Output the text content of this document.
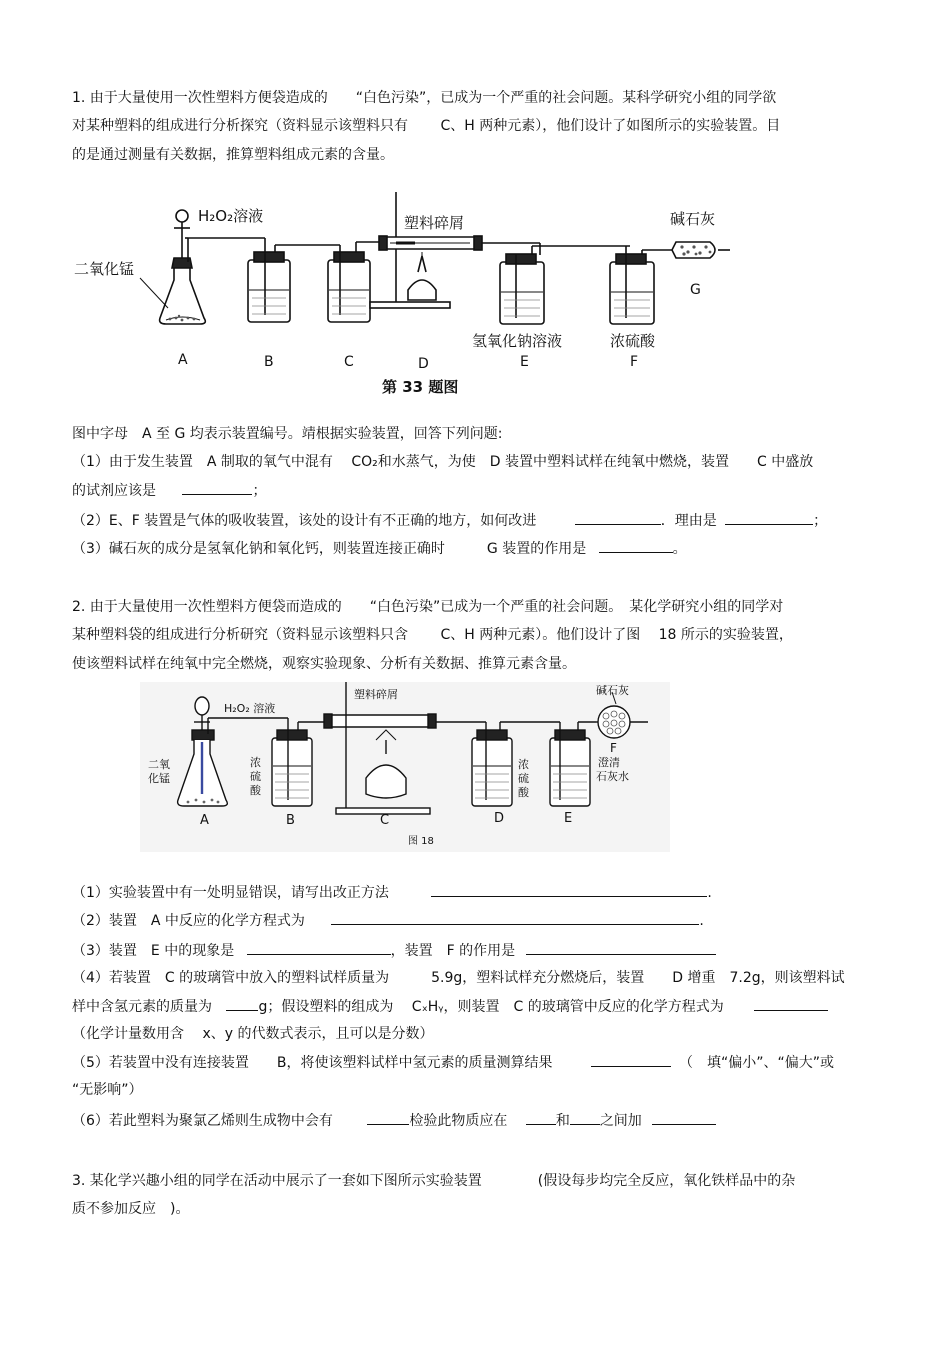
1. 由于大量使用一次性塑料方便袋造成的　　“白色污染”，已成为一个严重的社会问题。某科学研究小组的同学欲
对某种塑料的组成进行分析探究（资料显示该塑料只有　　 C、H 两种元素），他们设计了如图所示的实验装置。目
的是通过测量有关数据，推算塑料组成元素的含量。
H₂O₂溶液
二氧化锰
塑料碎屑	碱石灰
氢氧化钠溶液	浓硫酸
A	B	C	D	E	F
G
第 33 题图
图中字母　A 至 G 均表示装置编号。靖根据实验装置，回答下列问题:
（1）由于发生装置　A 制取的氧气中混有　 CO₂和水蒸气，为使　D 装置中塑料试样在纯氧中燃烧，装置　　C 中盛放
的试剂应该是	；
（2）E、F 装置是气体的吸收装置，该处的设计有不正确的地方，如何改进	．理由是	；
（3）碱石灰的成分是氢氧化钠和氧化钙，则装置连接正确时　　　G 装置的作用是	。
2. 由于大量使用一次性塑料方便袋而造成的　　“白色污染”已成为一个严重的社会问题。　某化学研究小组的同学对
某种塑料袋的组成进行分析研究（资料显示该塑料只含　　 C、H 两种元素）。他们设计了图　 18 所示的实验装置，
使该塑料试样在纯氧中完全燃烧，观察实验现象、分析有关数据、推算元素含量。
H₂O₂ 溶液
二氧
化锰
浓
硫
酸
塑料碎屑
浓
硫
酸
碱石灰
澄清
石灰水
A	B	C	D	E
F
图 18
（1）实验装置中有一处明显错误，请写出改正方法	.
（2）装置　A 中反应的化学方程式为	.
（3）装置　E 中的现象是	，装置　F 的作用是
（4）若装置　C 的玻璃管中放入的塑料试样质量为　　　5.9g，塑料试样充分燃烧后，装置　　D 增重　7.2g，则该塑料试
样中含氢元素的质量为	g；假设塑料的组成为　 CₓHᵧ，则装置　C 的玻璃管中反应的化学方程式为
（化学计量数用含　 x、y 的代数式表示，且可以是分数）
（5）若装置中没有连接装置　　B，将使该塑料试样中氢元素的质量测算结果	（　填“偏小”、“偏大”或
“无影响”）
（6）若此塑料为聚氯乙烯则生成物中会有	检验此物质应在	和 之间加
3. 某化学兴趣小组的同学在活动中展示了一套如下图所示实验装置　　　　(假设每步均完全反应，氧化铁样品中的杂
质不参加反应　)。
